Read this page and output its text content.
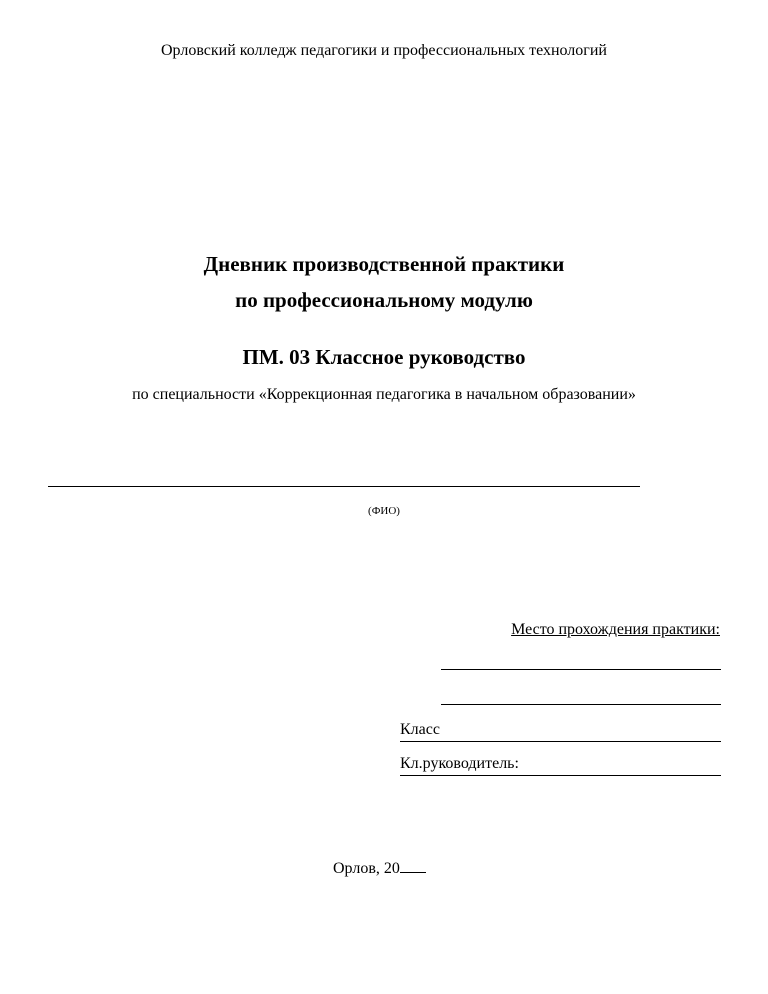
Орловский колледж педагогики и профессиональных технологий
Дневник производственной практики
по профессиональному модулю
ПМ. 03 Классное руководство
по специальности «Коррекционная педагогика в начальном образовании»
(ФИО)
Место прохождения практики:
Класс
Кл.руководитель:
Орлов, 20
